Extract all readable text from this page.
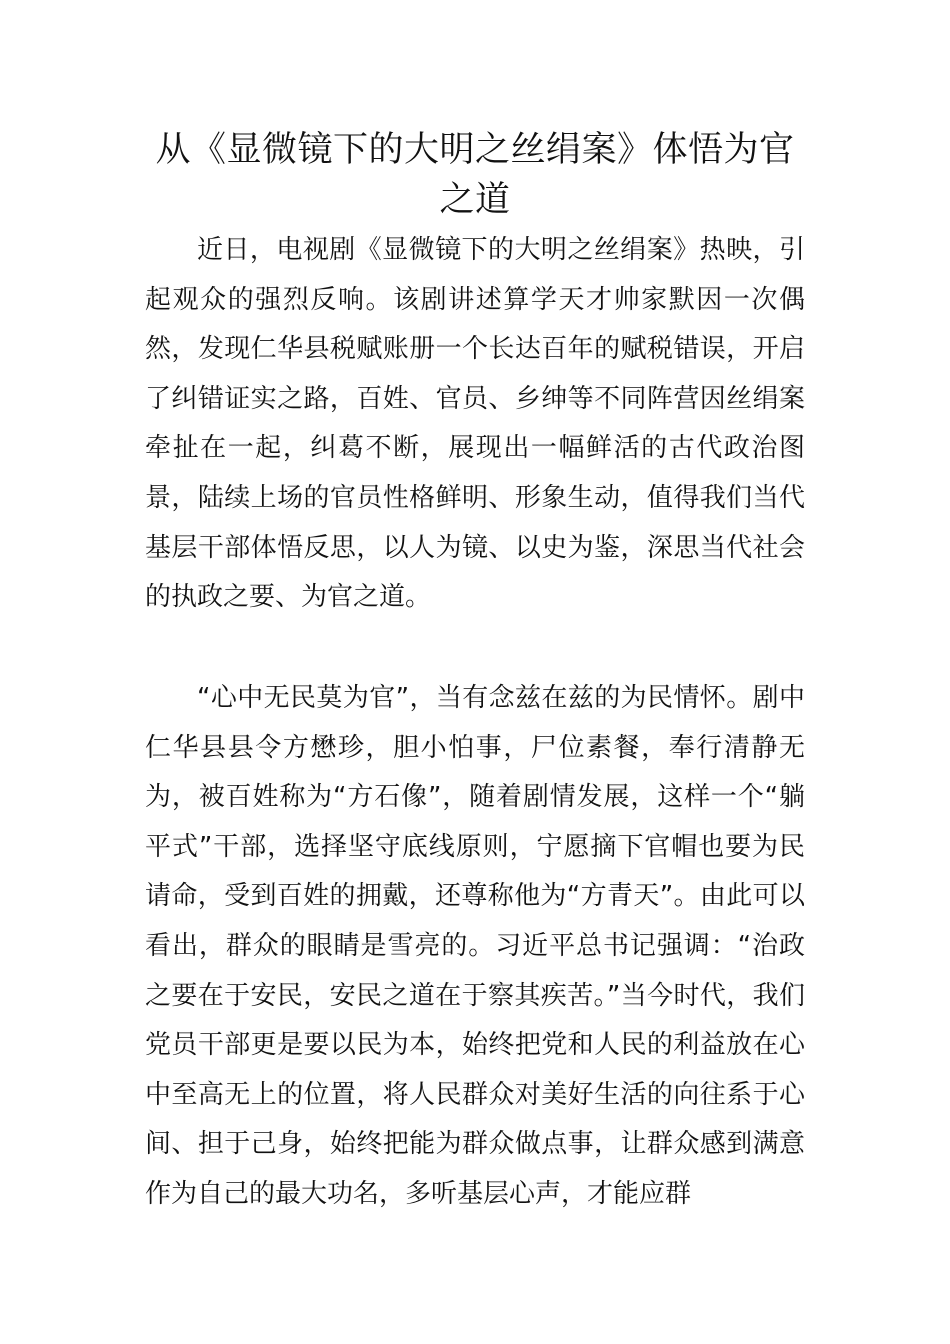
从《显微镜下的大明之丝绢案》体悟为官之道

近日，电视剧《显微镜下的大明之丝绢案》热映，引起观众的强烈反响。该剧讲述算学天才帅家默因一次偶然，发现仁华县税赋账册一个长达百年的赋税错误，开启了纠错证实之路，百姓、官员、乡绅等不同阵营因丝绢案牵扯在一起，纠葛不断，展现出一幅鲜活的古代政治图景，陆续上场的官员性格鲜明、形象生动，值得我们当代基层干部体悟反思，以人为镜、以史为鉴，深思当代社会的执政之要、为官之道。

“心中无民莫为官”，当有念兹在兹的为民情怀。剧中仁华县县令方懋珍，胆小怕事，尸位素餐，奉行清静无为，被百姓称为“方石像”，随着剧情发展，这样一个“躺平式”干部，选择坚守底线原则，宁愿摘下官帽也要为民请命，受到百姓的拥戴，还尊称他为“方青天”。由此可以看出，群众的眼睛是雪亮的。习近平总书记强调：“治政之要在于安民，安民之道在于察其疾苦。”当今时代，我们党员干部更是要以民为本，始终把党和人民的利益放在心中至高无上的位置，将人民群众对美好生活的向往系于心间、担于己身，始终把能为群众做点事，让群众感到满意作为自己的最大功名，多听基层心声，才能应群
